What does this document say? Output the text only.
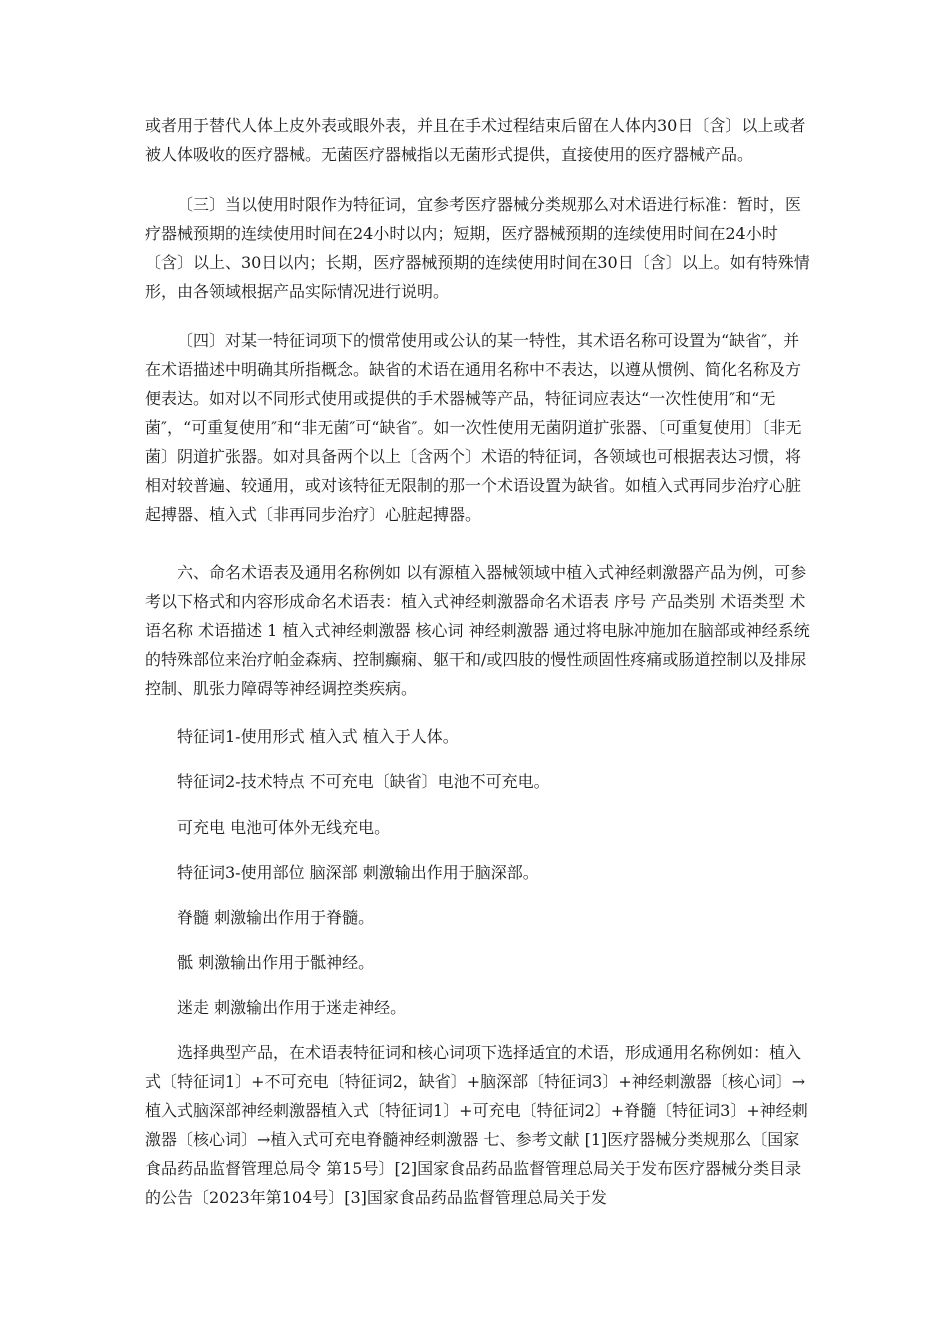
或者用于替代人体上皮外表或眼外表，并且在手术过程结束后留在人体内30日〔含〕以上或者被人体吸收的医疗器械。无菌医疗器械指以无菌形式提供，直接使用的医疗器械产品。

〔三〕当以使用时限作为特征词，宜参考医疗器械分类规那么对术语进行标准：暂时，医疗器械预期的连续使用时间在24小时以内；短期，医疗器械预期的连续使用时间在24小时〔含〕以上、30日以内；长期，医疗器械预期的连续使用时间在30日〔含〕以上。如有特殊情形，由各领域根据产品实际情况进行说明。

〔四〕对某一特征词项下的惯常使用或公认的某一特性，其术语名称可设置为“缺省″，并在术语描述中明确其所指概念。缺省的术语在通用名称中不表达，以遵从惯例、简化名称及方便表达。如对以不同形式使用或提供的手术器械等产品，特征词应表达“一次性使用″和“无菌″，“可重复使用″和“非无菌″可“缺省″。如一次性使用无菌阴道扩张器、〔可重复使用〕〔非无菌〕阴道扩张器。如对具备两个以上〔含两个〕术语的特征词，各领域也可根据表达习惯，将相对较普遍、较通用，或对该特征无限制的那一个术语设置为缺省。如植入式再同步治疗心脏起搏器、植入式〔非再同步治疗〕心脏起搏器。

六、命名术语表及通用名称例如 以有源植入器械领域中植入式神经刺激器产品为例，可参考以下格式和内容形成命名术语表：植入式神经刺激器命名术语表 序号 产品类别 术语类型 术语名称 术语描述 1 植入式神经刺激器 核心词 神经刺激器 通过将电脉冲施加在脑部或神经系统的特殊部位来治疗帕金森病、控制癫痫、躯干和/或四肢的慢性顽固性疼痛或肠道控制以及排尿控制、肌张力障碍等神经调控类疾病。

特征词1-使用形式 植入式 植入于人体。

特征词2-技术特点 不可充电〔缺省〕电池不可充电。

可充电 电池可体外无线充电。

特征词3-使用部位 脑深部 刺激输出作用于脑深部。

脊髓 刺激输出作用于脊髓。

骶 刺激输出作用于骶神经。

迷走 刺激输出作用于迷走神经。

选择典型产品，在术语表特征词和核心词项下选择适宜的术语，形成通用名称例如：植入式〔特征词1〕+不可充电〔特征词2，缺省〕+脑深部〔特征词3〕+神经刺激器〔核心词〕→植入式脑深部神经刺激器植入式〔特征词1〕+可充电〔特征词2〕+脊髓〔特征词3〕+神经刺激器〔核心词〕→植入式可充电脊髓神经刺激器 七、参考文献 [1]医疗器械分类规那么〔国家食品药品监督管理总局令 第15号〕[2]国家食品药品监督管理总局关于发布医疗器械分类目录的公告〔2023年第104号〕[3]国家食品药品监督管理总局关于发
